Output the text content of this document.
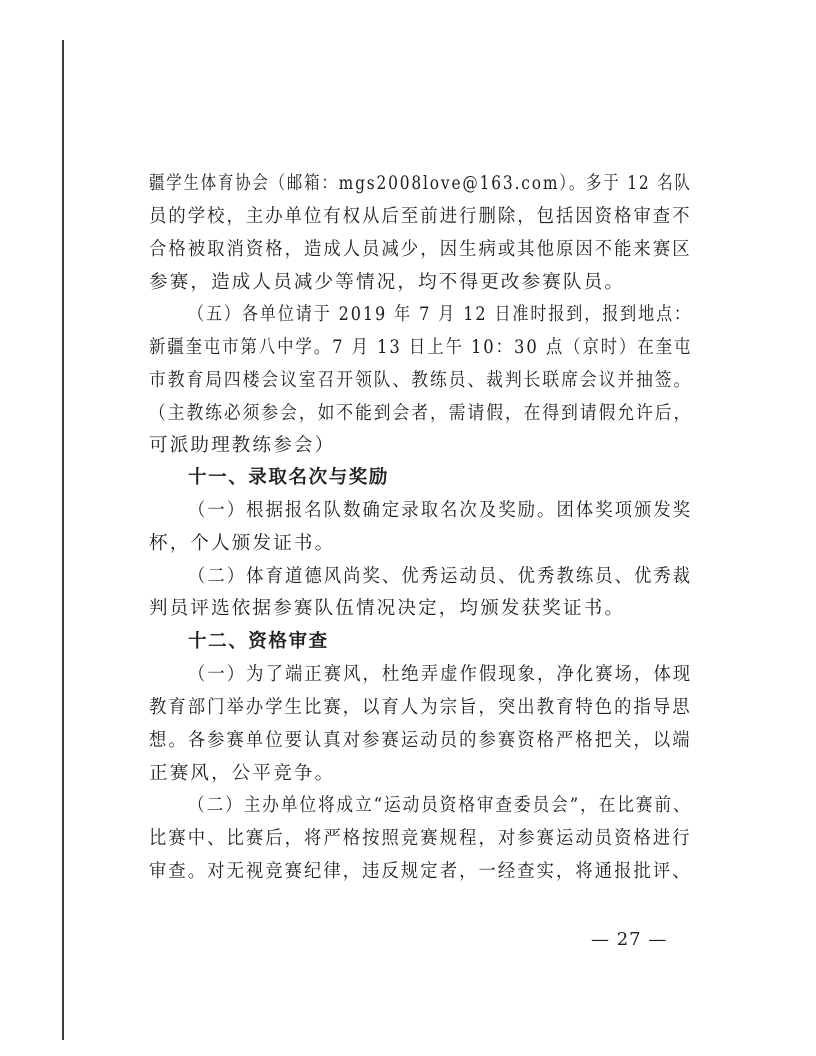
疆学生体育协会（邮箱：mgs2008love@163.com）。多于 12 名队
员的学校，主办单位有权从后至前进行删除，包括因资格审查不
合格被取消资格，造成人员减少，因生病或其他原因不能来赛区
参赛，造成人员减少等情况，均不得更改参赛队员。
（五）各单位请于 2019 年 7 月 12 日准时报到，报到地点：
新疆奎屯市第八中学。7 月 13 日上午 10：30 点（京时）在奎屯
市教育局四楼会议室召开领队、教练员、裁判长联席会议并抽签。
（主教练必须参会，如不能到会者，需请假，在得到请假允许后，
可派助理教练参会）
十一、录取名次与奖励
（一）根据报名队数确定录取名次及奖励。团体奖项颁发奖
杯，个人颁发证书。
（二）体育道德风尚奖、优秀运动员、优秀教练员、优秀裁
判员评选依据参赛队伍情况决定，均颁发获奖证书。
十二、资格审查
（一）为了端正赛风，杜绝弄虚作假现象，净化赛场，体现
教育部门举办学生比赛，以育人为宗旨，突出教育特色的指导思
想。各参赛单位要认真对参赛运动员的参赛资格严格把关，以端
正赛风，公平竞争。
（二）主办单位将成立“运动员资格审查委员会”，在比赛前、
比赛中、比赛后，将严格按照竞赛规程，对参赛运动员资格进行
审查。对无视竞赛纪律，违反规定者，一经查实，将通报批评、
— 27 —
